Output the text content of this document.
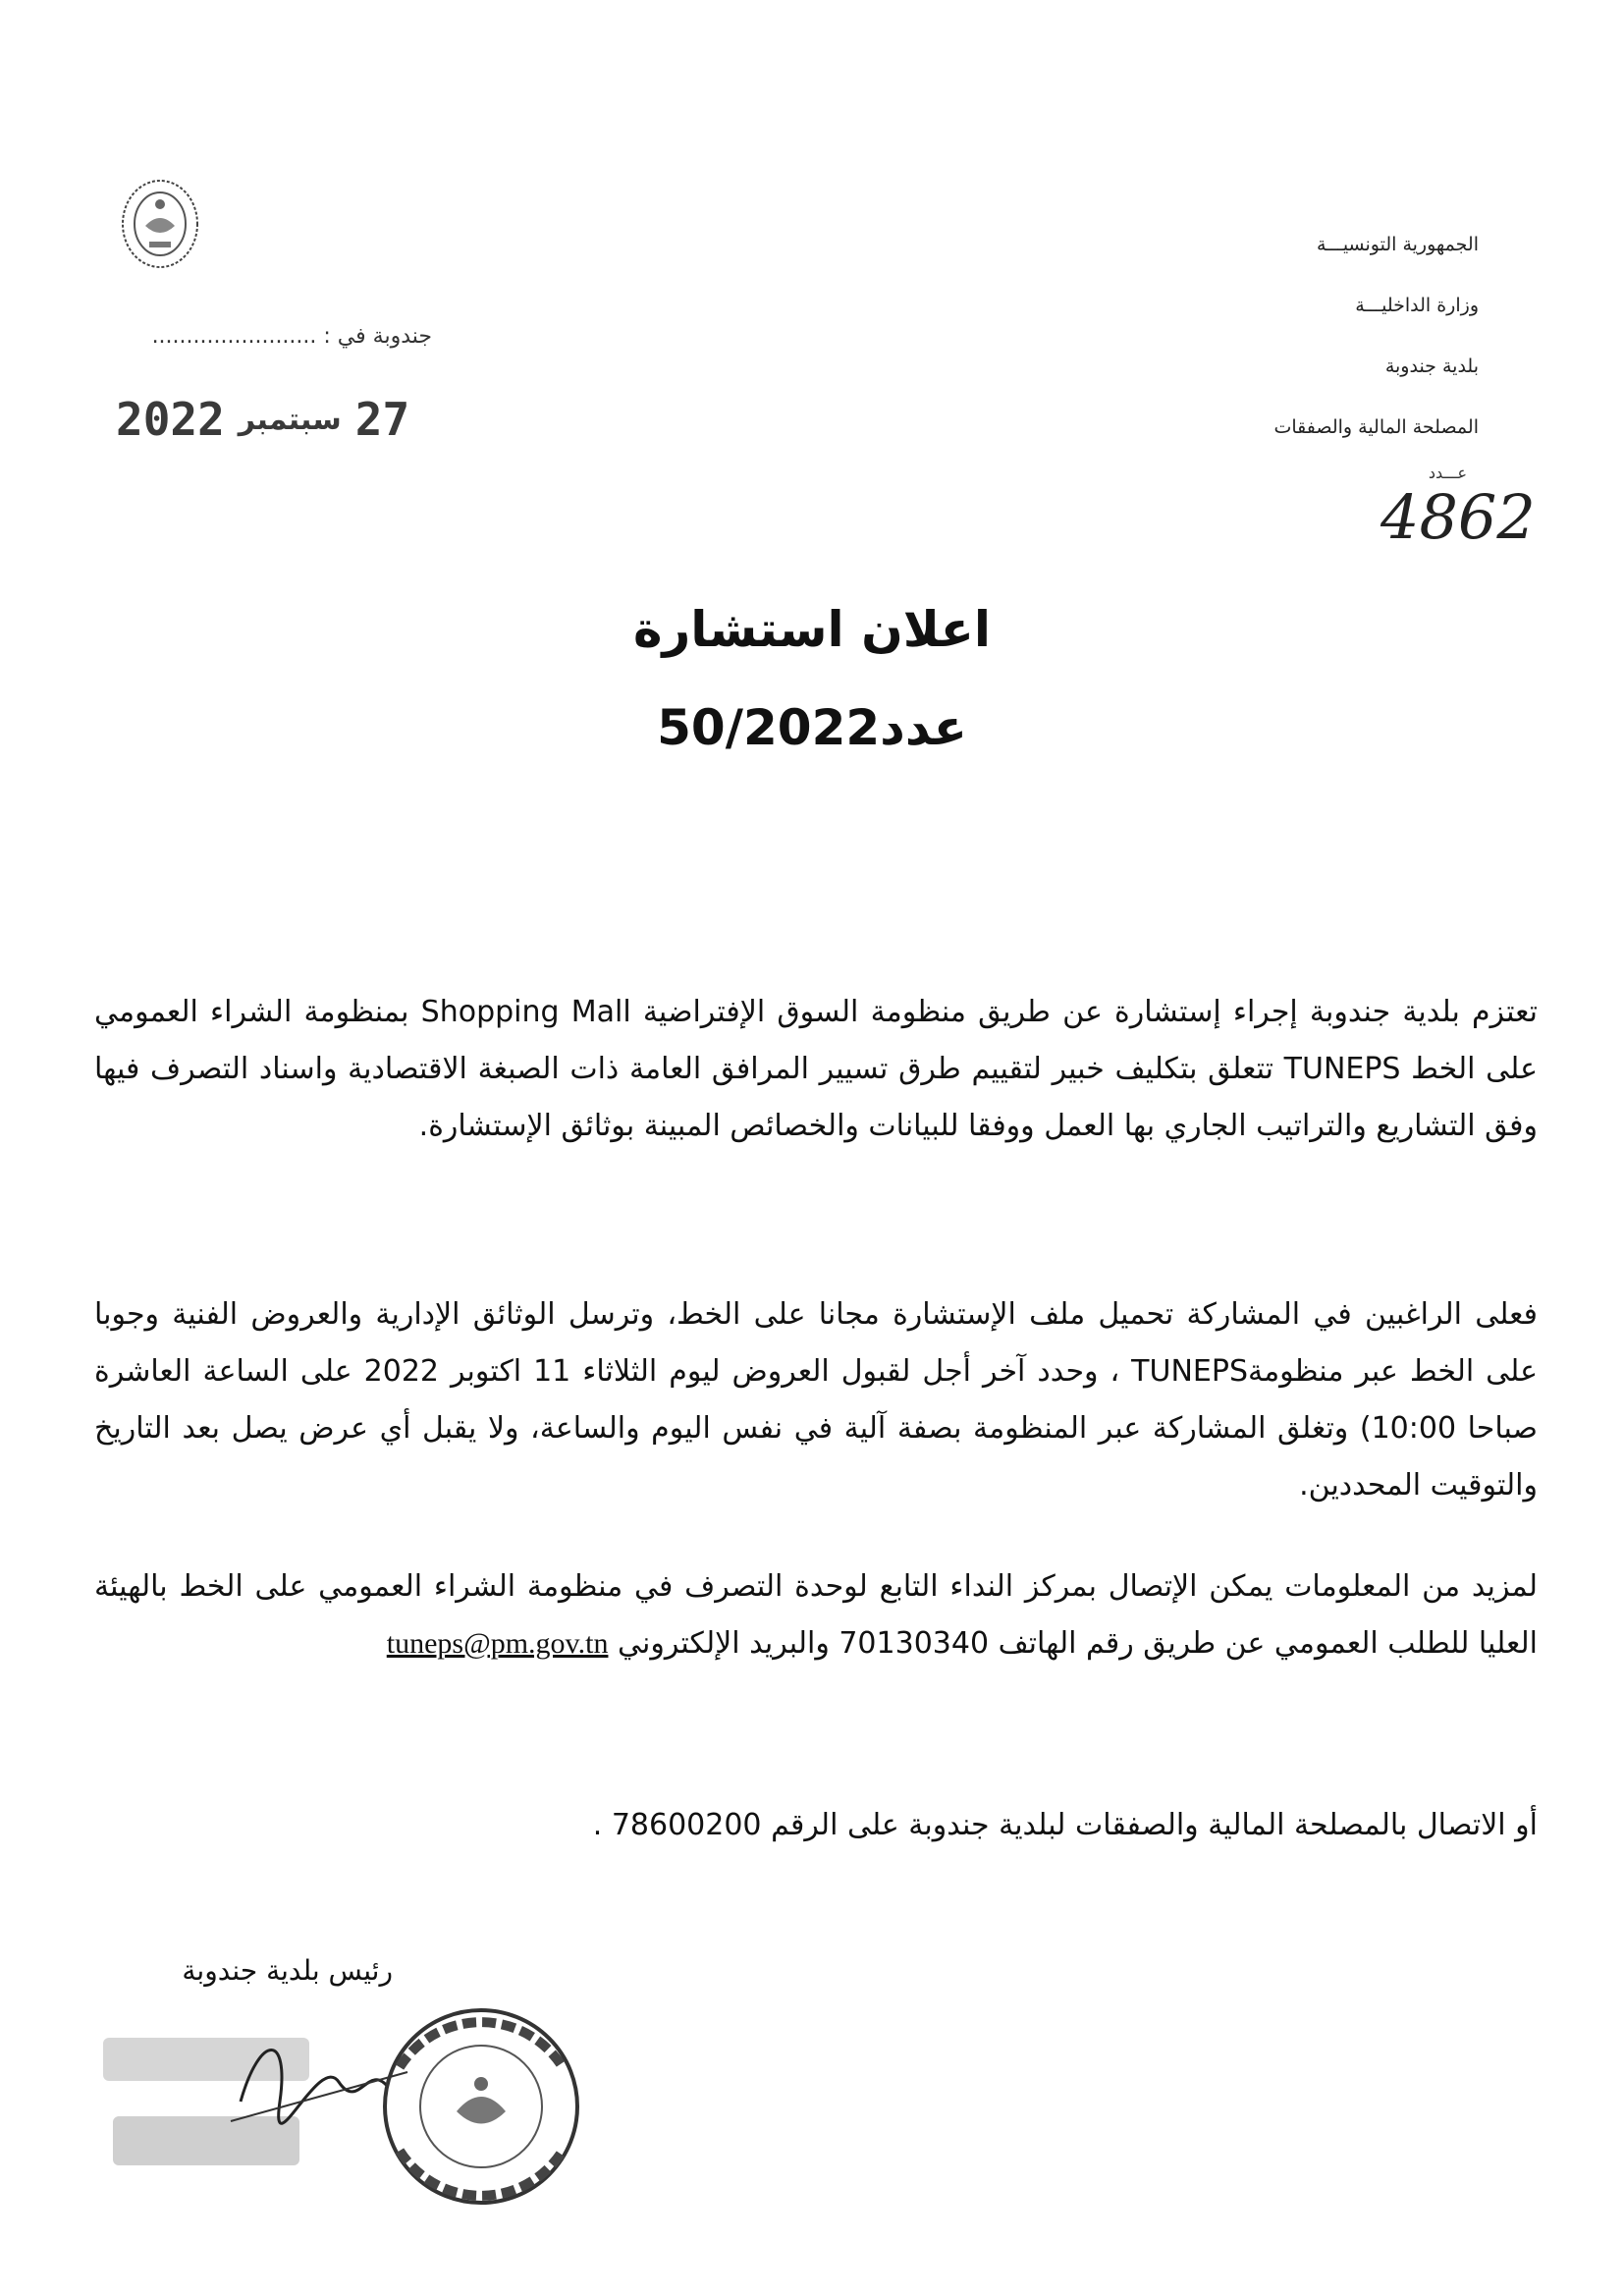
جندوبة في : ........................
2022 سبتمبر 27
الجمهورية التونسيـــة
وزارة الداخليـــة
بلدية جندوبة
المصلحة المالية والصفقات
عـــدد
4862
اعلان استشارة
عدد50/2022
تعتزم بلدية جندوبة إجراء إستشارة عن طريق منظومة السوق الإفتراضية Shopping Mall بمنظومة الشراء العمومي على الخط TUNEPS تتعلق بتكليف خبير لتقييم طرق تسيير المرافق العامة ذات الصبغة الاقتصادية واسناد التصرف فيها وفق التشاريع والتراتيب الجاري بها العمل ووفقا للبيانات والخصائص المبينة بوثائق الإستشارة.
فعلى الراغبين في المشاركة تحميل ملف الإستشارة مجانا على الخط، وترسل الوثائق الإدارية والعروض الفنية وجوبا على الخط عبر منظومةTUNEPS ، وحدد آخر أجل لقبول العروض ليوم الثلاثاء 11 اكتوبر 2022 على الساعة العاشرة صباحا 10:00) وتغلق المشاركة عبر المنظومة بصفة آلية في نفس اليوم والساعة، ولا يقبل أي عرض يصل بعد التاريخ والتوقيت المحددين.
لمزيد من المعلومات يمكن الإتصال بمركز النداء التابع لوحدة التصرف في منظومة الشراء العمومي على الخط بالهيئة العليا للطلب العمومي عن طريق رقم الهاتف 70130340 والبريد الإلكتروني tuneps@pm.gov.tn
أو الاتصال بالمصلحة المالية والصفقات لبلدية جندوبة على الرقم 78600200 .
رئيس بلدية جندوبة
